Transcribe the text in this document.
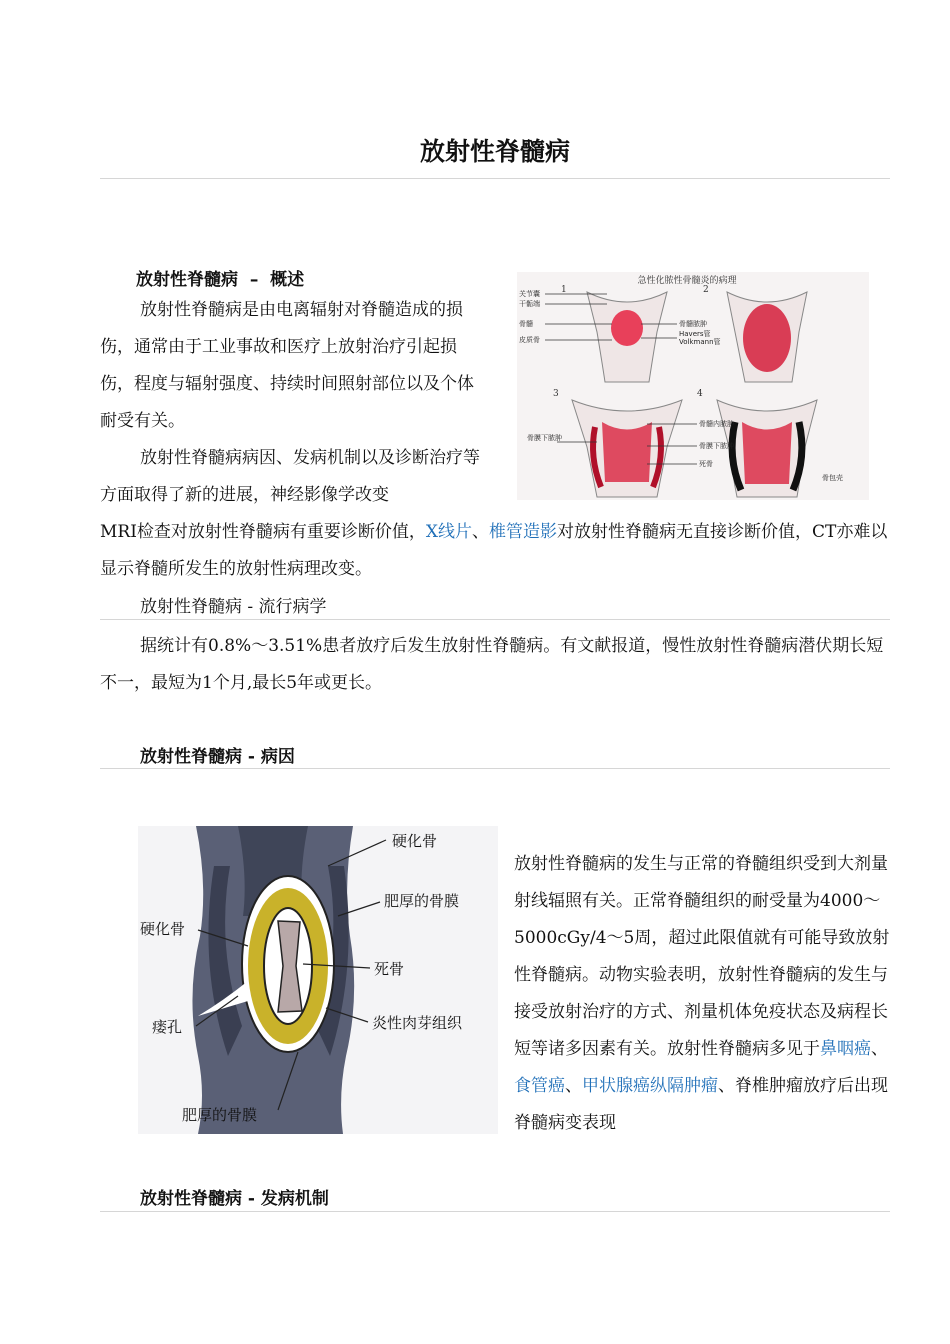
放射性脊髓病
放射性脊髓病  –  概述

放射性脊髓病是由电离辐射对脊髓造成的损伤，通常由于工业事故和医疗上放射治疗引起损伤，程度与辐射强度、持续时间照射部位以及个体耐受有关。

放射性脊髓病病因、发病机制以及诊断治疗等方面取得了新的进展，神经影像学改变

MRI检查对放射性脊髓病有重要诊断价值，X线片、椎管造影对放射性脊髓病无直接诊断价值，CT亦难以显示脊髓所发生的放射性病理改变。

急性化脓性骨髓炎的病理
1	2
3	4
关节囊
干骺端
骨髓
皮质骨
骨髓脓肿
Havers管
Volkmann管
骨髓内脓肿
骨膜下脓肿
骨膜下脓肿
死骨
骨包壳
放射性脊髓病 - 流行病学

据统计有0.8%～3.51%患者放疗后发生放射性脊髓病。有文献报道，慢性放射性脊髓病潜伏期长短不一，最短为1个月,最长5年或更长。

放射性脊髓病 - 病因
硬化骨
肥厚的骨膜
硬化骨
死骨
瘘孔	炎性肉芽组织
肥厚的骨膜

放射性脊髓病的发生与正常的脊髓组织受到大剂量射线辐照有关。正常脊髓组织的耐受量为4000～5000cGy/4～5周，超过此限值就有可能导致放射性脊髓病。动物实验表明，放射性脊髓病的发生与接受放射治疗的方式、剂量机体免疫状态及病程长短等诸多因素有关。放射性脊髓病多见于鼻咽癌、食管癌、甲状腺癌纵隔肿瘤、脊椎肿瘤放疗后出现脊髓病变表现

放射性脊髓病 - 发病机制
